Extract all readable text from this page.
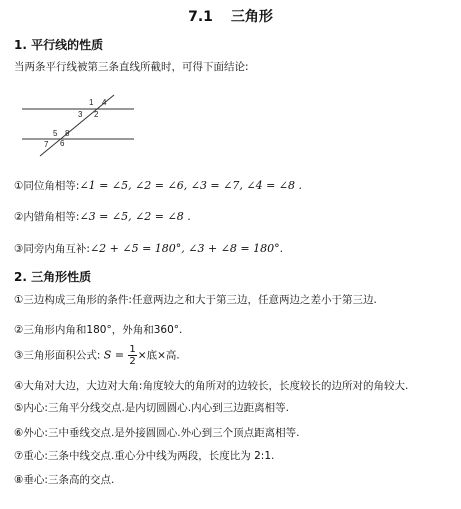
7.1 三角形
1. 平行线的性质
当两条平行线被第三条直线所截时，可得下面结论:
1
2
3
4
5
6
7
8
①同位角相等:∠1 = ∠5, ∠2 = ∠6, ∠3 = ∠7, ∠4 = ∠8 .
②内错角相等:∠3 = ∠5, ∠2 = ∠8 .
③同旁内角互补:∠2 + ∠5 = 180°, ∠3 + ∠8 = 180°.
2. 三角形性质
①三边构成三角形的条件:任意两边之和大于第三边，任意两边之差小于第三边.
②三角形内角和180°，外角和360°.
③三角形面积公式: $S = \frac{1}{2}$ ×底×高.
④大角对大边，大边对大角:角度较大的角所对的边较长，长度较长的边所对的角较大.
⑤内心:三角平分线交点.是内切圆圆心.内心到三边距离相等.
⑥外心:三中垂线交点.是外接圆圆心.外心到三个顶点距离相等.
⑦重心:三条中线交点.重心分中线为两段，长度比为 2:1.
⑧垂心:三条高的交点.
